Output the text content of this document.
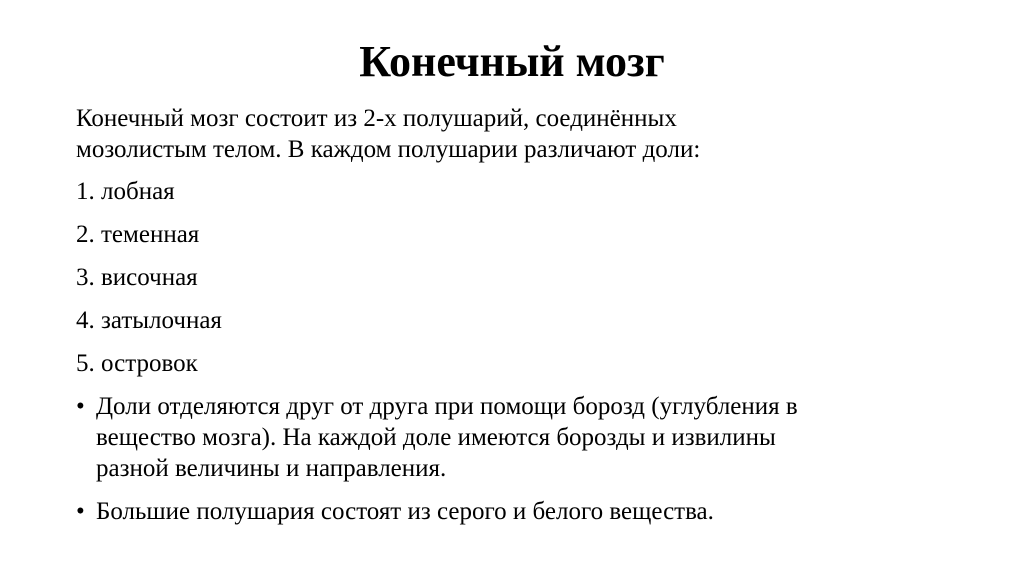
Конечный мозг

Конечный мозг состоит из 2-х полушарий, соединённых
мозолистым телом. В каждом полушарии различают доли:

1. лобная

2. теменная

3. височная

4. затылочная

5. островок

• Доли отделяются друг от друга при помощи борозд (углубления в
вещество мозга). На каждой доле имеются борозды и извилины
разной величины и направления.

• Большие полушария состоят из серого и белого вещества.
